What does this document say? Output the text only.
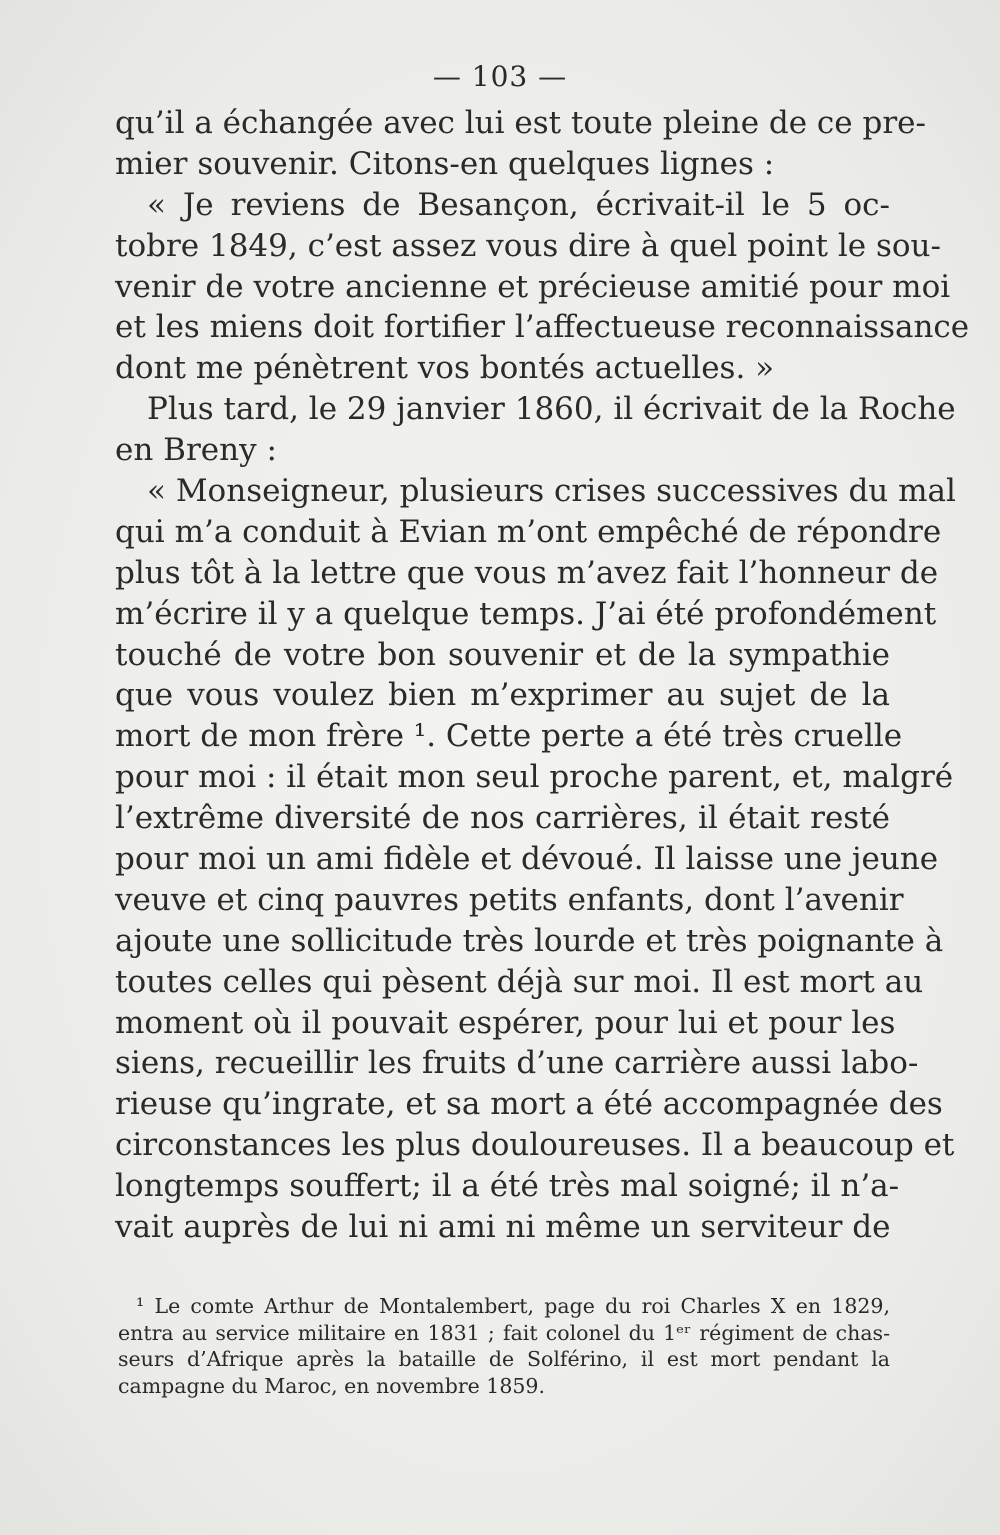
— 103 —
qu’il a échangée avec lui est toute pleine de ce pre-
mier souvenir. Citons-en quelques lignes :
« Je reviens de Besançon, écrivait-il le 5 oc-
tobre 1849, c’est assez vous dire à quel point le sou-
venir de votre ancienne et précieuse amitié pour moi
et les miens doit fortifier l’affectueuse reconnaissance
dont me pénètrent vos bontés actuelles. »
Plus tard, le 29 janvier 1860, il écrivait de la Roche
en Breny :
« Monseigneur, plusieurs crises successives du mal
qui m’a conduit à Evian m’ont empêché de répondre
plus tôt à la lettre que vous m’avez fait l’honneur de
m’écrire il y a quelque temps. J’ai été profondément
touché de votre bon souvenir et de la sympathie
que vous voulez bien m’exprimer au sujet de la
mort de mon frère ¹. Cette perte a été très cruelle
pour moi : il était mon seul proche parent, et, malgré
l’extrême diversité de nos carrières, il était resté
pour moi un ami fidèle et dévoué. Il laisse une jeune
veuve et cinq pauvres petits enfants, dont l’avenir
ajoute une sollicitude très lourde et très poignante à
toutes celles qui pèsent déjà sur moi. Il est mort au
moment où il pouvait espérer, pour lui et pour les
siens, recueillir les fruits d’une carrière aussi labo-
rieuse qu’ingrate, et sa mort a été accompagnée des
circonstances les plus douloureuses. Il a beaucoup et
longtemps souffert; il a été très mal soigné; il n’a-
vait auprès de lui ni ami ni même un serviteur de
¹ Le comte Arthur de Montalembert, page du roi Charles X en 1829,
entra au service militaire en 1831 ; fait colonel du 1ᵉʳ régiment de chas-
seurs d’Afrique après la bataille de Solférino, il est mort pendant la
campagne du Maroc, en novembre 1859.
